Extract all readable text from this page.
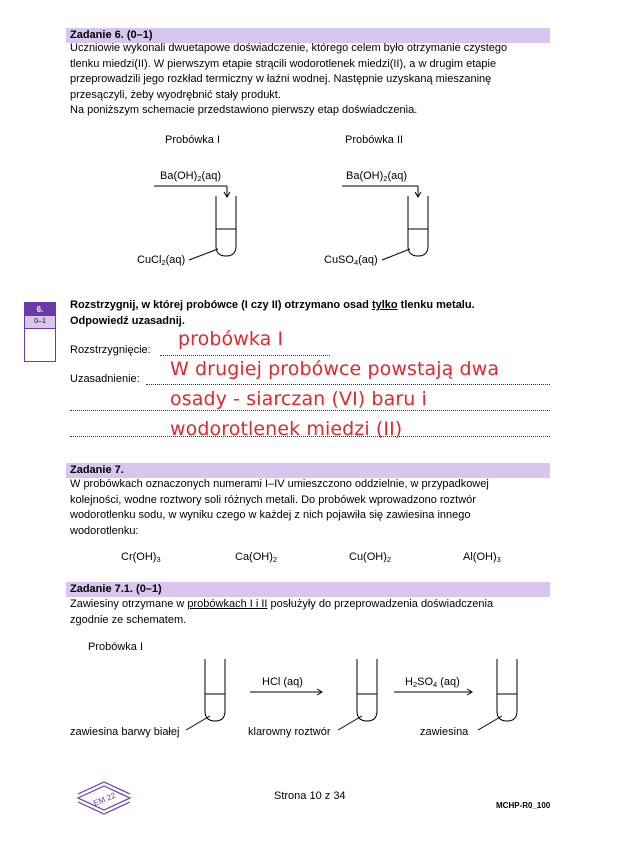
Zadanie 6. (0–1)
Uczniowie wykonali dwuetapowe doświadczenie, którego celem było otrzymanie czystego
tlenku miedzi(II). W pierwszym etapie strącili wodorotlenek miedzi(II), a w drugim etapie
przeprowadzili jego rozkład termiczny w łaźni wodnej. Następnie uzyskaną mieszaninę
przesączyli, żeby wyodrębnić stały produkt.
Na poniższym schemacie przedstawiono pierwszy etap doświadczenia.
Probówka I	Probówka II
$Ba(OH)_2(aq)$	$Ba(OH)_2(aq)$
CuCl$_2$(aq)	CuSO$_4$(aq)
6.
0–1
Rozstrzygnij, w której probówce (I czy II) otrzymano osad tylko tlenku metalu.
Odpowiedź uzasadnij.
Rozstrzygnięcie:
Uzasadnienie:
probówka I
W drugiej probówce powstają dwa
osady - siarczan (VI) baru i
wodorotlenek miedzi (II)
Zadanie 7.
W probówkach oznaczonych numerami I–IV umieszczono oddzielnie, w przypadkowej
kolejności, wodne roztwory soli różnych metali. Do probówek wprowadzono roztwór
wodorotlenku sodu, w wyniku czego w każdej z nich pojawiła się zawiesina innego
wodorotlenku:
$Cr(OH)_3$	$Ca(OH)_2$	$Cu(OH)_2$	$Al(OH)_3$
Zadanie 7.1. (0–1)
Zawiesiny otrzymane w probówkach I i II posłużyły do przeprowadzenia doświadczenia
zgodnie ze schematem.
Probówka I
HCl (aq)	$H_2SO_4$ (aq)
zawiesina barwy białej	klarowny roztwór	zawiesina
EM 22	Strona 10 z 34
MCHP-R0_100
